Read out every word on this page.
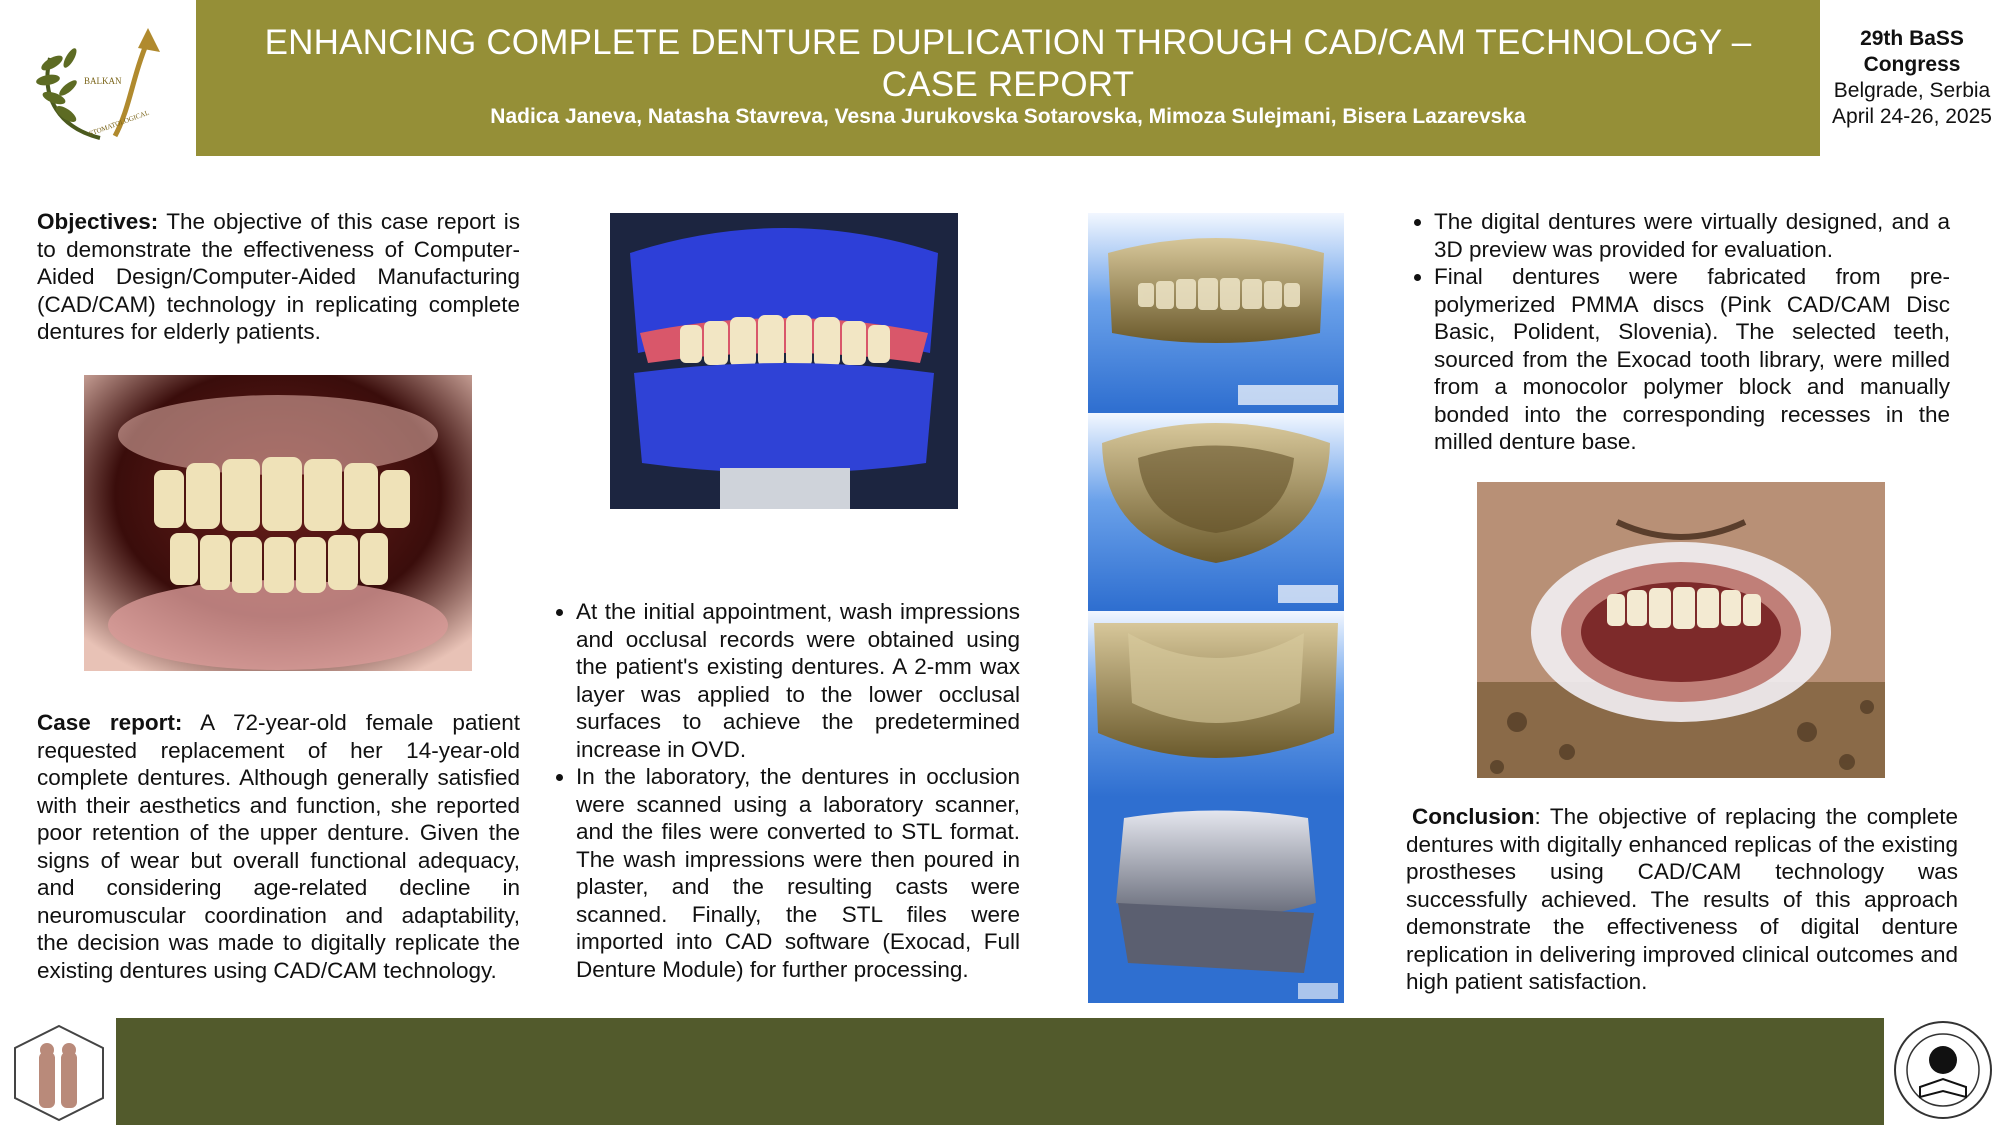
BALKAN
STOMATOLOGICAL
ENHANCING COMPLETE DENTURE DUPLICATION THROUGH CAD/CAM TECHNOLOGY –
CASE REPORT
Nadica Janeva, Natasha Stavreva, Vesna Jurukovska Sotarovska, Mimoza Sulejmani, Bisera Lazarevska
29th BaSS
Congress
Belgrade, Serbia
April 24-26, 2025
Objectives: The objective of this case report is to demonstrate the effectiveness of Computer-Aided Design/Computer-Aided Manufacturing (CAD/CAM) technology in replicating complete dentures for elderly patients.
Case report: A 72-year-old female patient requested replacement of her 14-year-old complete dentures. Although generally satisfied with their aesthetics and function, she reported poor retention of the upper denture. Given the signs of wear but overall functional adequacy, and considering age-related decline in neuromuscular coordination and adaptability, the decision was made to digitally replicate the existing dentures using CAD/CAM technology.
• At the initial appointment, wash impressions and occlusal records were obtained using the patient's existing dentures. A 2-mm wax layer was applied to the lower occlusal surfaces to achieve the predetermined increase in OVD.
• In the laboratory, the dentures in occlusion were scanned using a laboratory scanner, and the files were converted to STL format. The wash impressions were then poured in plaster, and the resulting casts were scanned. Finally, the STL files were imported into CAD software (Exocad, Full Denture Module) for further processing.
• The digital dentures were virtually designed, and a 3D preview was provided for evaluation.
• Final dentures were fabricated from pre-polymerized PMMA discs (Pink CAD/CAM Disc Basic, Polident, Slovenia). The selected teeth, sourced from the Exocad tooth library, were milled from a monocolor polymer block and manually bonded into the corresponding recesses in the milled denture base.
Conclusion: The objective of replacing the complete dentures with digitally enhanced replicas of the existing prostheses using CAD/CAM technology was successfully achieved. The results of this approach demonstrate the effectiveness of digital denture replication in delivering improved clinical outcomes and high patient satisfaction.
